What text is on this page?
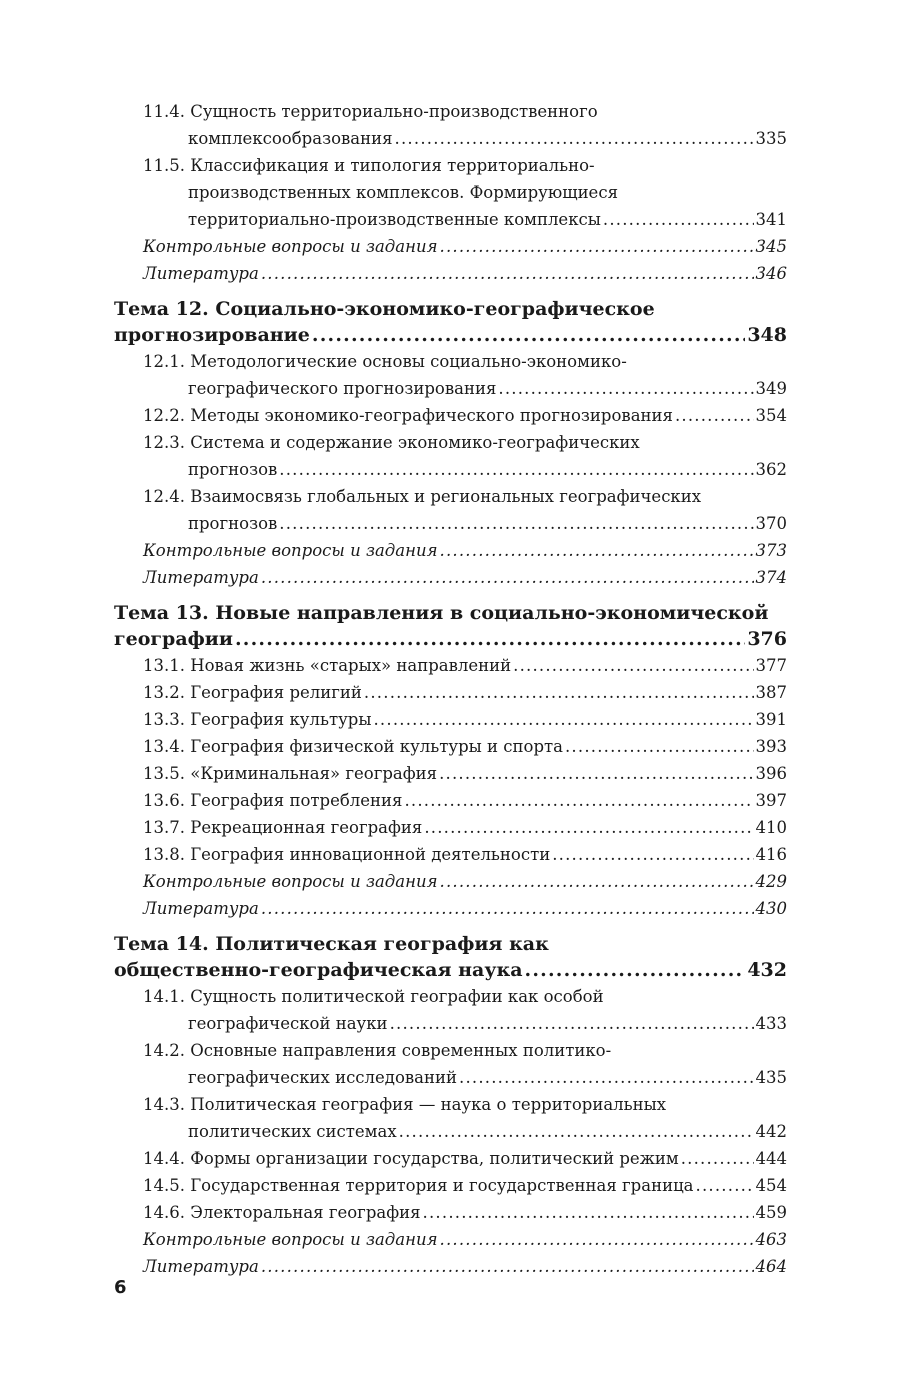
11.4. Сущность территориально-производственного
комплексообразования .....	335
11.5. Классификация и типология территориально-
производственных комплексов. Формирующиеся
территориально-производственные комплексы .....	341
Контрольные вопросы и задания .....	345
Литература .....	346
Тема 12. Социально-экономико-географическое
прогнозирование .....	348
12.1. Методологические основы социально-экономико-
географического прогнозирования .....	349
12.2. Методы экономико-географического прогнозирования .....	354
12.3. Система и содержание экономико-географических
прогнозов .....	362
12.4. Взаимосвязь глобальных и региональных географических
прогнозов .....	370
Контрольные вопросы и задания .....	373
Литература .....	374
Тема 13. Новые направления в социально-экономической
географии .....	376
13.1. Новая жизнь «старых» направлений .....	377
13.2. География религий .....	387
13.3. География культуры .....	391
13.4. География физической культуры и спорта .....	393
13.5. «Криминальная» география .....	396
13.6. География потребления .....	397
13.7. Рекреационная география .....	410
13.8. География инновационной деятельности .....	416
Контрольные вопросы и задания .....	429
Литература .....	430
Тема 14. Политическая география как
общественно-географическая наука .....	432
14.1. Сущность политической географии как особой
географической науки .....	433
14.2. Основные направления современных политико-
географических исследований .....	435
14.3. Политическая география — наука о территориальных
политических системах .....	442
14.4. Формы организации государства, политический режим .....	444
14.5. Государственная территория и государственная граница .....	454
14.6. Электоральная география .....	459
Контрольные вопросы и задания .....	463
Литература .....	464
6
